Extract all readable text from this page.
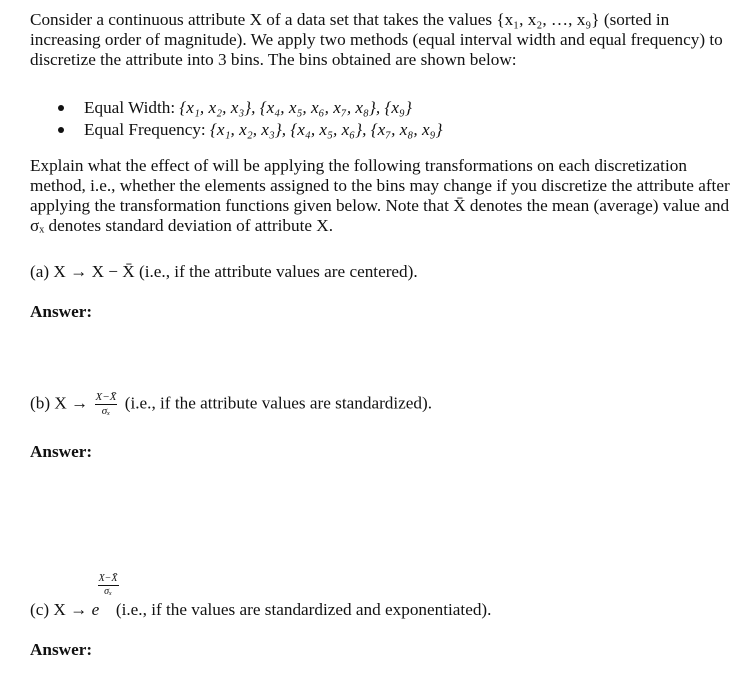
Consider a continuous attribute X of a data set that takes the values {x₁, x₂, …, x₉} (sorted in increasing order of magnitude). We apply two methods (equal interval width and equal frequency) to discretize the attribute into 3 bins. The bins obtained are shown below:

Equal Width: {x₁, x₂, x₃}, {x₄, x₅, x₆, x₇, x₈}, {x₉}
Equal Frequency: {x₁, x₂, x₃}, {x₄, x₅, x₆}, {x₇, x₈, x₉}

Explain what the effect of will be applying the following transformations on each discretization method, i.e., whether the elements assigned to the bins may change if you discretize the attribute after applying the transformation functions given below. Note that X̄ denotes the mean (average) value and σₓ denotes standard deviation of attribute X.

(a) X → X − X̄ (i.e., if the attribute values are centered).
Answer:
(b) $X \to \frac{X-X̄}{\text{σₓ}} (i.e$., if the attribute values are standardized).
Answer:
(c) X → e
$\frac{X-X̄}{\text{σₓ}}$
(i.e., if the values are standardized and exponentiated).
Answer:
